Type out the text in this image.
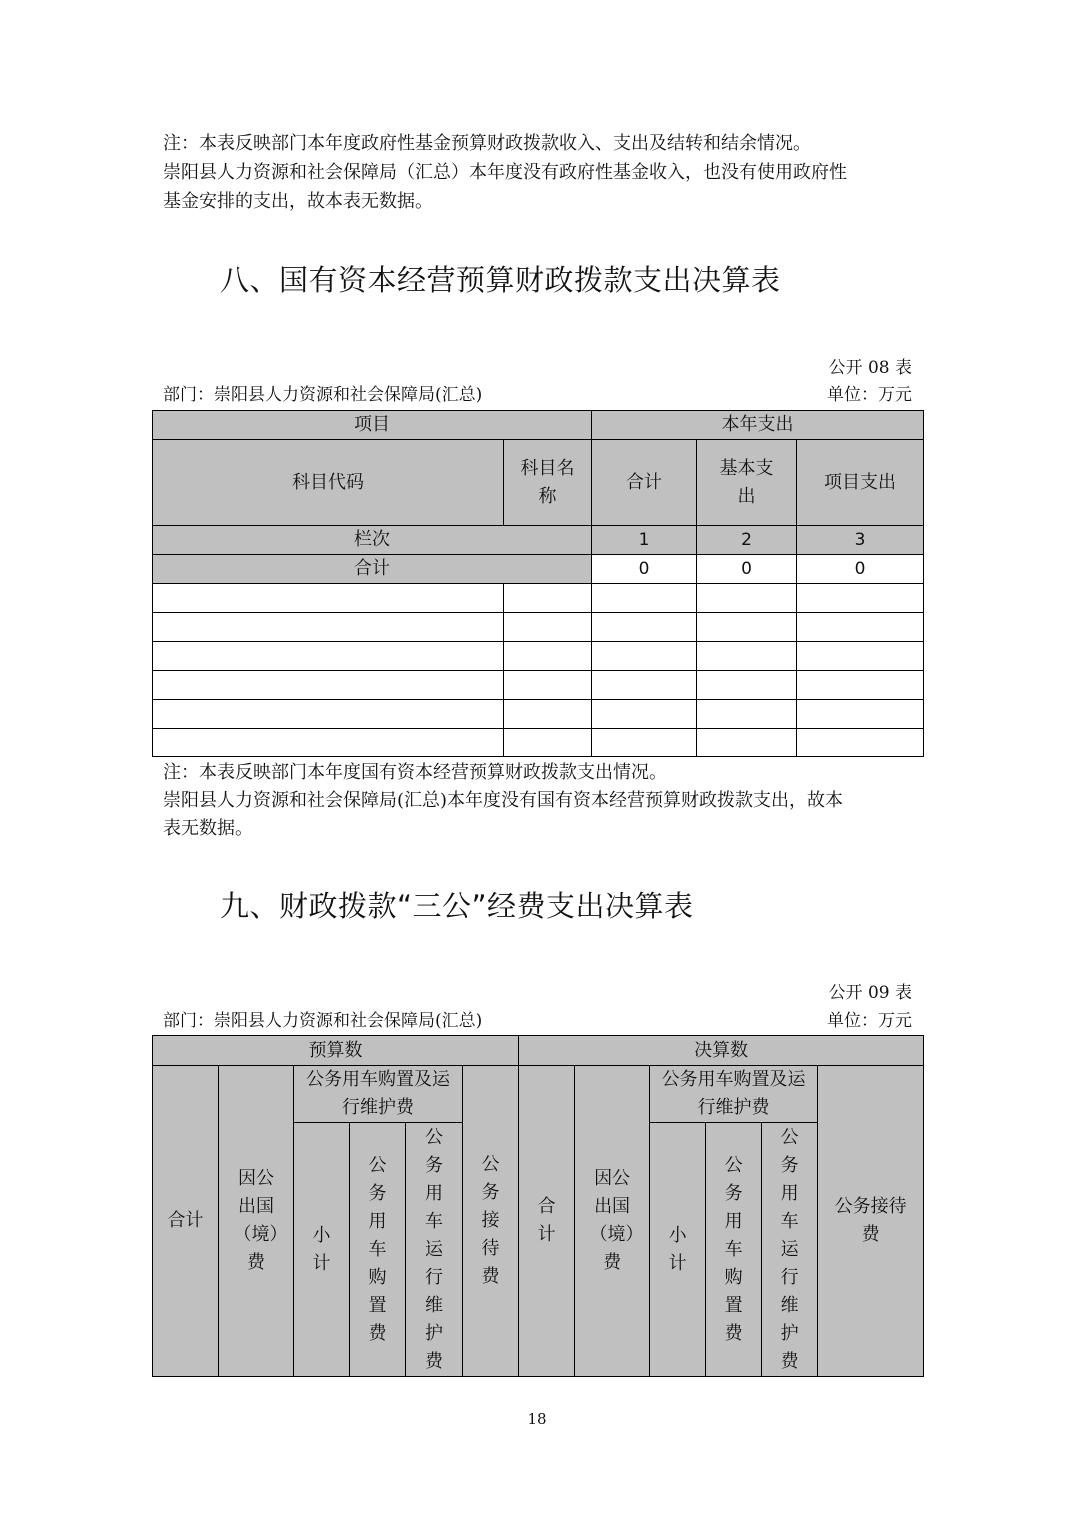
注：本表反映部门本年度政府性基金预算财政拨款收入、支出及结转和结余情况。

崇阳县人力资源和社会保障局（汇总）本年度没有政府性基金收入，也没有使用政府性

基金安排的支出，故本表无数据。

八、国有资本经营预算财政拨款支出决算表

公开 08 表

部门：崇阳县人力资源和社会保障局(汇总)	单位：万元

项目		本年支出		
科目代码	科目名称	合计	基本支出	项目支出
栏次		1	2	3
合计		0	0	0

注：本表反映部门本年度国有资本经营预算财政拨款支出情况。

崇阳县人力资源和社会保障局(汇总)本年度没有国有资本经营预算财政拨款支出，故本

表无数据。

九、财政拨款“三公”经费支出决算表

公开 09 表

部门：崇阳县人力资源和社会保障局(汇总)	单位：万元

预算数						决算数					
合计	因公出国（境）费	公务用车购置及运行维护费			公务接待费	合计	因公出国（境）费	公务用车购置及运行维护费			公务接待费
		小计	公务用车购置费	公务用车运行维护费				小计	公务用车购置费	公务用车运行维护费	
18
